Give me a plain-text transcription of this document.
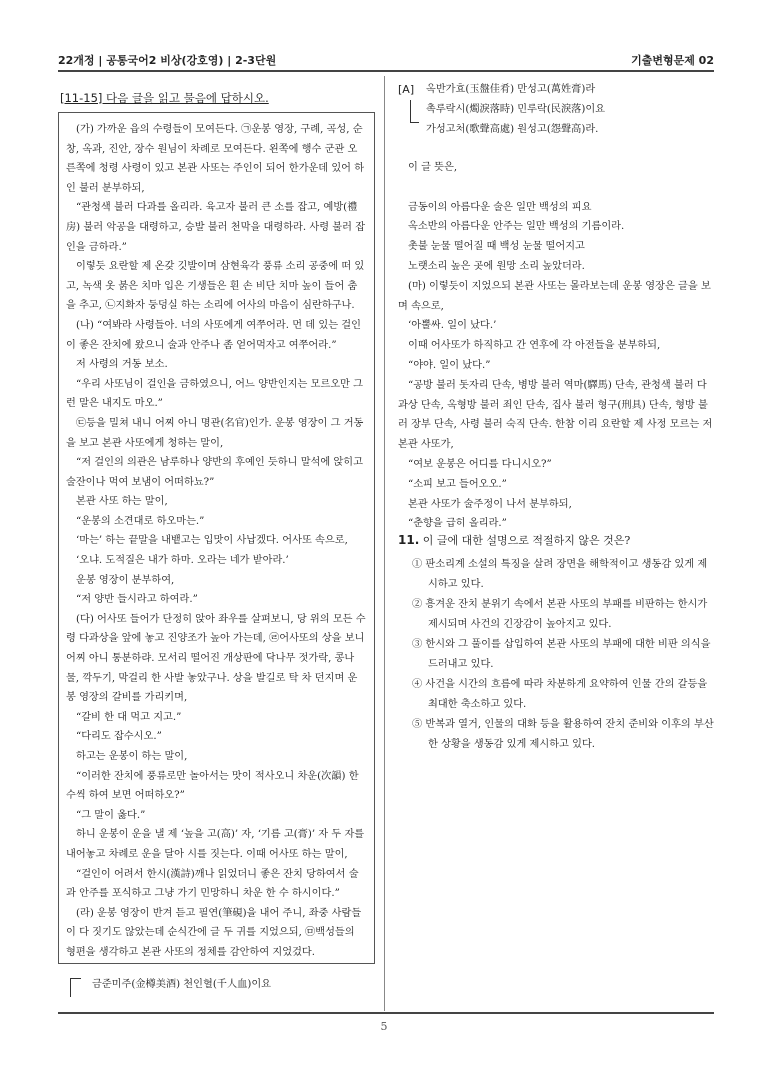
22개정 | 공통국어2 비상(강호영) | 2-3단원	기출변형문제 02
[11-15] 다음 글을 읽고 물음에 답하시오.

(가) 가까운 읍의 수령들이 모여든다. ㉠운봉 영장, 구례, 곡성, 순창, 옥과, 진안, 장수 원님이 차례로 모여든다. 왼쪽에 행수 군관 오른쪽에 청령 사령이 있고 본관 사또는 주인이 되어 한가운데 있어 하인 불러 분부하되,

“관청색 불러 다과를 올리라. 육고자 불러 큰 소를 잡고, 예방(禮房) 불러 악공을 대령하고, 승발 불러 천막을 대령하라. 사령 불러 잡인을 금하라.”

이렇듯 요란할 제 온갖 깃발이며 삼현육각 풍류 소리 공중에 떠 있고, 녹색 옷 붉은 치마 입은 기생들은 흰 손 비단 치마 높이 들어 춤을 추고, ㉡지화자 둥덩실 하는 소리에 어사의 마음이 심란하구나.

(나) “여봐라 사령들아. 너의 사또에게 여쭈어라. 먼 데 있는 걸인이 좋은 잔치에 왔으니 술과 안주나 좀 얻어먹자고 여쭈어라.”

저 사령의 거동 보소.

“우리 사또님이 걸인을 금하였으니, 어느 양반인지는 모르오만 그런 말은 내지도 마오.”

㉢등을 밀쳐 내니 어찌 아니 명관(名官)인가. 운봉 영장이 그 거동을 보고 본관 사또에게 청하는 말이,

“저 걸인의 의관은 남루하나 양반의 후예인 듯하니 말석에 앉히고 술잔이나 먹여 보냄이 어떠하뇨?”

본관 사또 하는 말이,

“운봉의 소견대로 하오마는.”

‘마는’ 하는 끝말을 내뱉고는 입맛이 사납겠다. 어사또 속으로,

‘오냐. 도적질은 내가 하마. 오라는 네가 받아라.’

운봉 영장이 분부하여,

“저 양반 들시라고 하여라.”

(다) 어사또 들어가 단정히 앉아 좌우를 살펴보니, 당 위의 모든 수령 다과상을 앞에 놓고 진양조가 높아 가는데, ㉣어사또의 상을 보니 어찌 아니 통분하랴. 모서리 떨어진 개상판에 닥나무 젓가락, 콩나물, 깍두기, 막걸리 한 사발 놓았구나. 상을 발길로 탁 차 던지며 운봉 영장의 갈비를 가리키며,

“갈비 한 대 먹고 지고.”

“다리도 잡수시오.”

하고는 운봉이 하는 말이,

“이러한 잔치에 풍류로만 놀아서는 맛이 적사오니 차운(次韻) 한 수씩 하여 보면 어떠하오?”

“그 말이 옳다.”

하니 운봉이 운을 낼 제 ‘높을 고(高)’ 자, ‘기름 고(膏)’ 자 두 자를 내어놓고 차례로 운을 달아 시를 짓는다. 이때 어사또 하는 말이,

“걸인이 어려서 한시(漢詩)깨나 읽었더니 좋은 잔치 당하여서 술과 안주를 포식하고 그냥 가기 민망하니 차운 한 수 하시이다.”

(라) 운봉 영장이 반겨 듣고 필연(筆硯)을 내어 주니, 좌중 사람들이 다 짓기도 않았는데 순식간에 글 두 귀를 지었으되, ㉤백성들의 형편을 생각하고 본관 사또의 정체를 감안하여 지었겄다.

금준미주(金樽美酒) 천인혈(千人血)이요
[A] 옥반가효(玉盤佳肴) 만성고(萬姓膏)라
촉루락시(燭淚落時) 민루락(民淚落)이요
가성고처(歌聲高處) 원성고(怨聲高)라.

이 글 뜻은,

금동이의 아름다운 술은 일만 백성의 피요

옥소반의 아름다운 안주는 일만 백성의 기름이라.

촛불 눈물 떨어질 때 백성 눈물 떨어지고

노랫소리 높은 곳에 원망 소리 높았더라.

(마) 이렇듯이 지었으되 본관 사또는 몰라보는데 운봉 영장은 글을 보며 속으로,

‘아뿔싸. 일이 났다.’

이때 어사또가 하직하고 간 연후에 각 아전들을 분부하되,

“야야. 일이 났다.”

“공방 불러 돗자리 단속, 병방 불러 역마(驛馬) 단속, 관청색 불러 다과상 단속, 옥형방 불러 죄인 단속, 집사 불러 형구(刑具) 단속, 형방 불러 장부 단속, 사령 불러 숙직 단속. 한참 이리 요란할 제 사정 모르는 저 본관 사또가,

“여보 운봉은 어디를 다니시오?”

“소피 보고 들어오오.”

본관 사또가 술주정이 나서 분부하되,

“춘향을 급히 올리라.”

11. 이 글에 대한 설명으로 적절하지 않은 것은?

① 판소리계 소설의 특징을 살려 장면을 해학적이고 생동감 있게 제시하고 있다.

② 흥겨운 잔치 분위기 속에서 본관 사또의 부패를 비판하는 한시가 제시되며 사건의 긴장감이 높아지고 있다.

③ 한시와 그 풀이를 삽입하여 본관 사또의 부패에 대한 비판 의식을 드러내고 있다.

④ 사건을 시간의 흐름에 따라 차분하게 요약하여 인물 간의 갈등을 최대한 축소하고 있다.

⑤ 반복과 열거, 인물의 대화 등을 활용하여 잔치 준비와 이후의 부산한 상황을 생동감 있게 제시하고 있다.

5
